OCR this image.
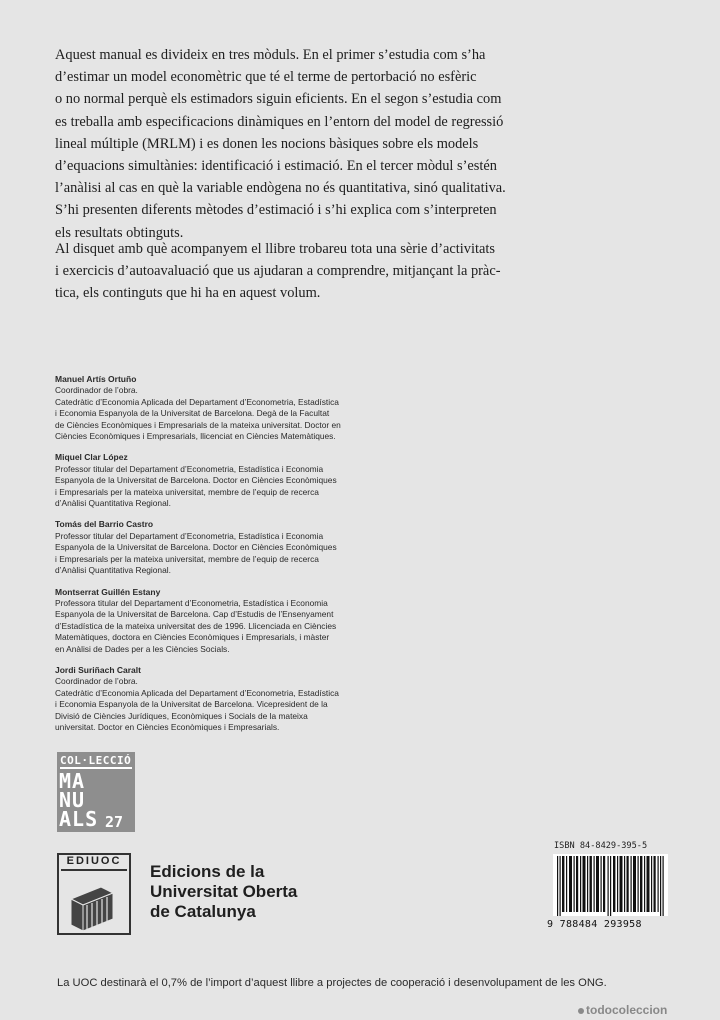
Aquest manual es divideix en tres mòduls. En el primer s’estudia com s’ha
d’estimar un model economètric que té el terme de pertorbació no esfèric
o no normal perquè els estimadors siguin eficients. En el segon s’estudia com
es treballa amb especificacions dinàmiques en l’entorn del model de regressió
lineal múltiple (MRLM) i es donen les nocions bàsiques sobre els models
d’equacions simultànies: identificació i estimació. En el tercer mòdul s’estén
l’anàlisi al cas en què la variable endògena no és quantitativa, sinó qualitativa.
S’hi presenten diferents mètodes d’estimació i s’hi explica com s’interpreten
els resultats obtinguts.
Al disquet amb què acompanyem el llibre trobareu tota una sèrie d’activitats
i exercicis d’autoavaluació que us ajudaran a comprendre, mitjançant la pràc-
tica, els continguts que hi ha en aquest volum.
Manuel Artís Ortuño
Coordinador de l’obra.
Catedràtic d’Economia Aplicada del Departament d’Econometria, Estadística
i Economia Espanyola de la Universitat de Barcelona. Degà de la Facultat
de Ciències Econòmiques i Empresarials de la mateixa universitat. Doctor en
Ciències Econòmiques i Empresarials, llicenciat en Ciències Matemàtiques.
Miquel Clar López
Professor titular del Departament d’Econometria, Estadística i Economia
Espanyola de la Universitat de Barcelona. Doctor en Ciències Econòmiques
i Empresarials per la mateixa universitat, membre de l’equip de recerca
d’Anàlisi Quantitativa Regional.
Tomás del Barrio Castro
Professor titular del Departament d’Econometria, Estadística i Economia
Espanyola de la Universitat de Barcelona. Doctor en Ciències Econòmiques
i Empresarials per la mateixa universitat, membre de l’equip de recerca
d’Anàlisi Quantitativa Regional.
Montserrat Guillén Estany
Professora titular del Departament d’Econometria, Estadística i Economia
Espanyola de la Universitat de Barcelona. Cap d’Estudis de l’Ensenyament
d’Estadística de la mateixa universitat des de 1996. Llicenciada en Ciències
Matemàtiques, doctora en Ciències Econòmiques i Empresarials, i màster
en Anàlisi de Dades per a les Ciències Socials.
Jordi Suriñach Caralt
Coordinador de l’obra.
Catedràtic d’Economia Aplicada del Departament d’Econometria, Estadística
i Economia Espanyola de la Universitat de Barcelona. Vicepresident de la
Divisió de Ciències Jurídiques, Econòmiques i Socials de la mateixa
universitat. Doctor en Ciències Econòmiques i Empresarials.
COL·LECCIÓ
MA
NU
ALS 27
EDIUOC
Edicions de la
Universitat Oberta
de Catalunya
ISBN 84-8429-395-5
9 788484 293958
La UOC destinarà el 0,7% de l’import d’aquest llibre a projectes de cooperació i desenvolupament de les ONG.
todocoleccion
